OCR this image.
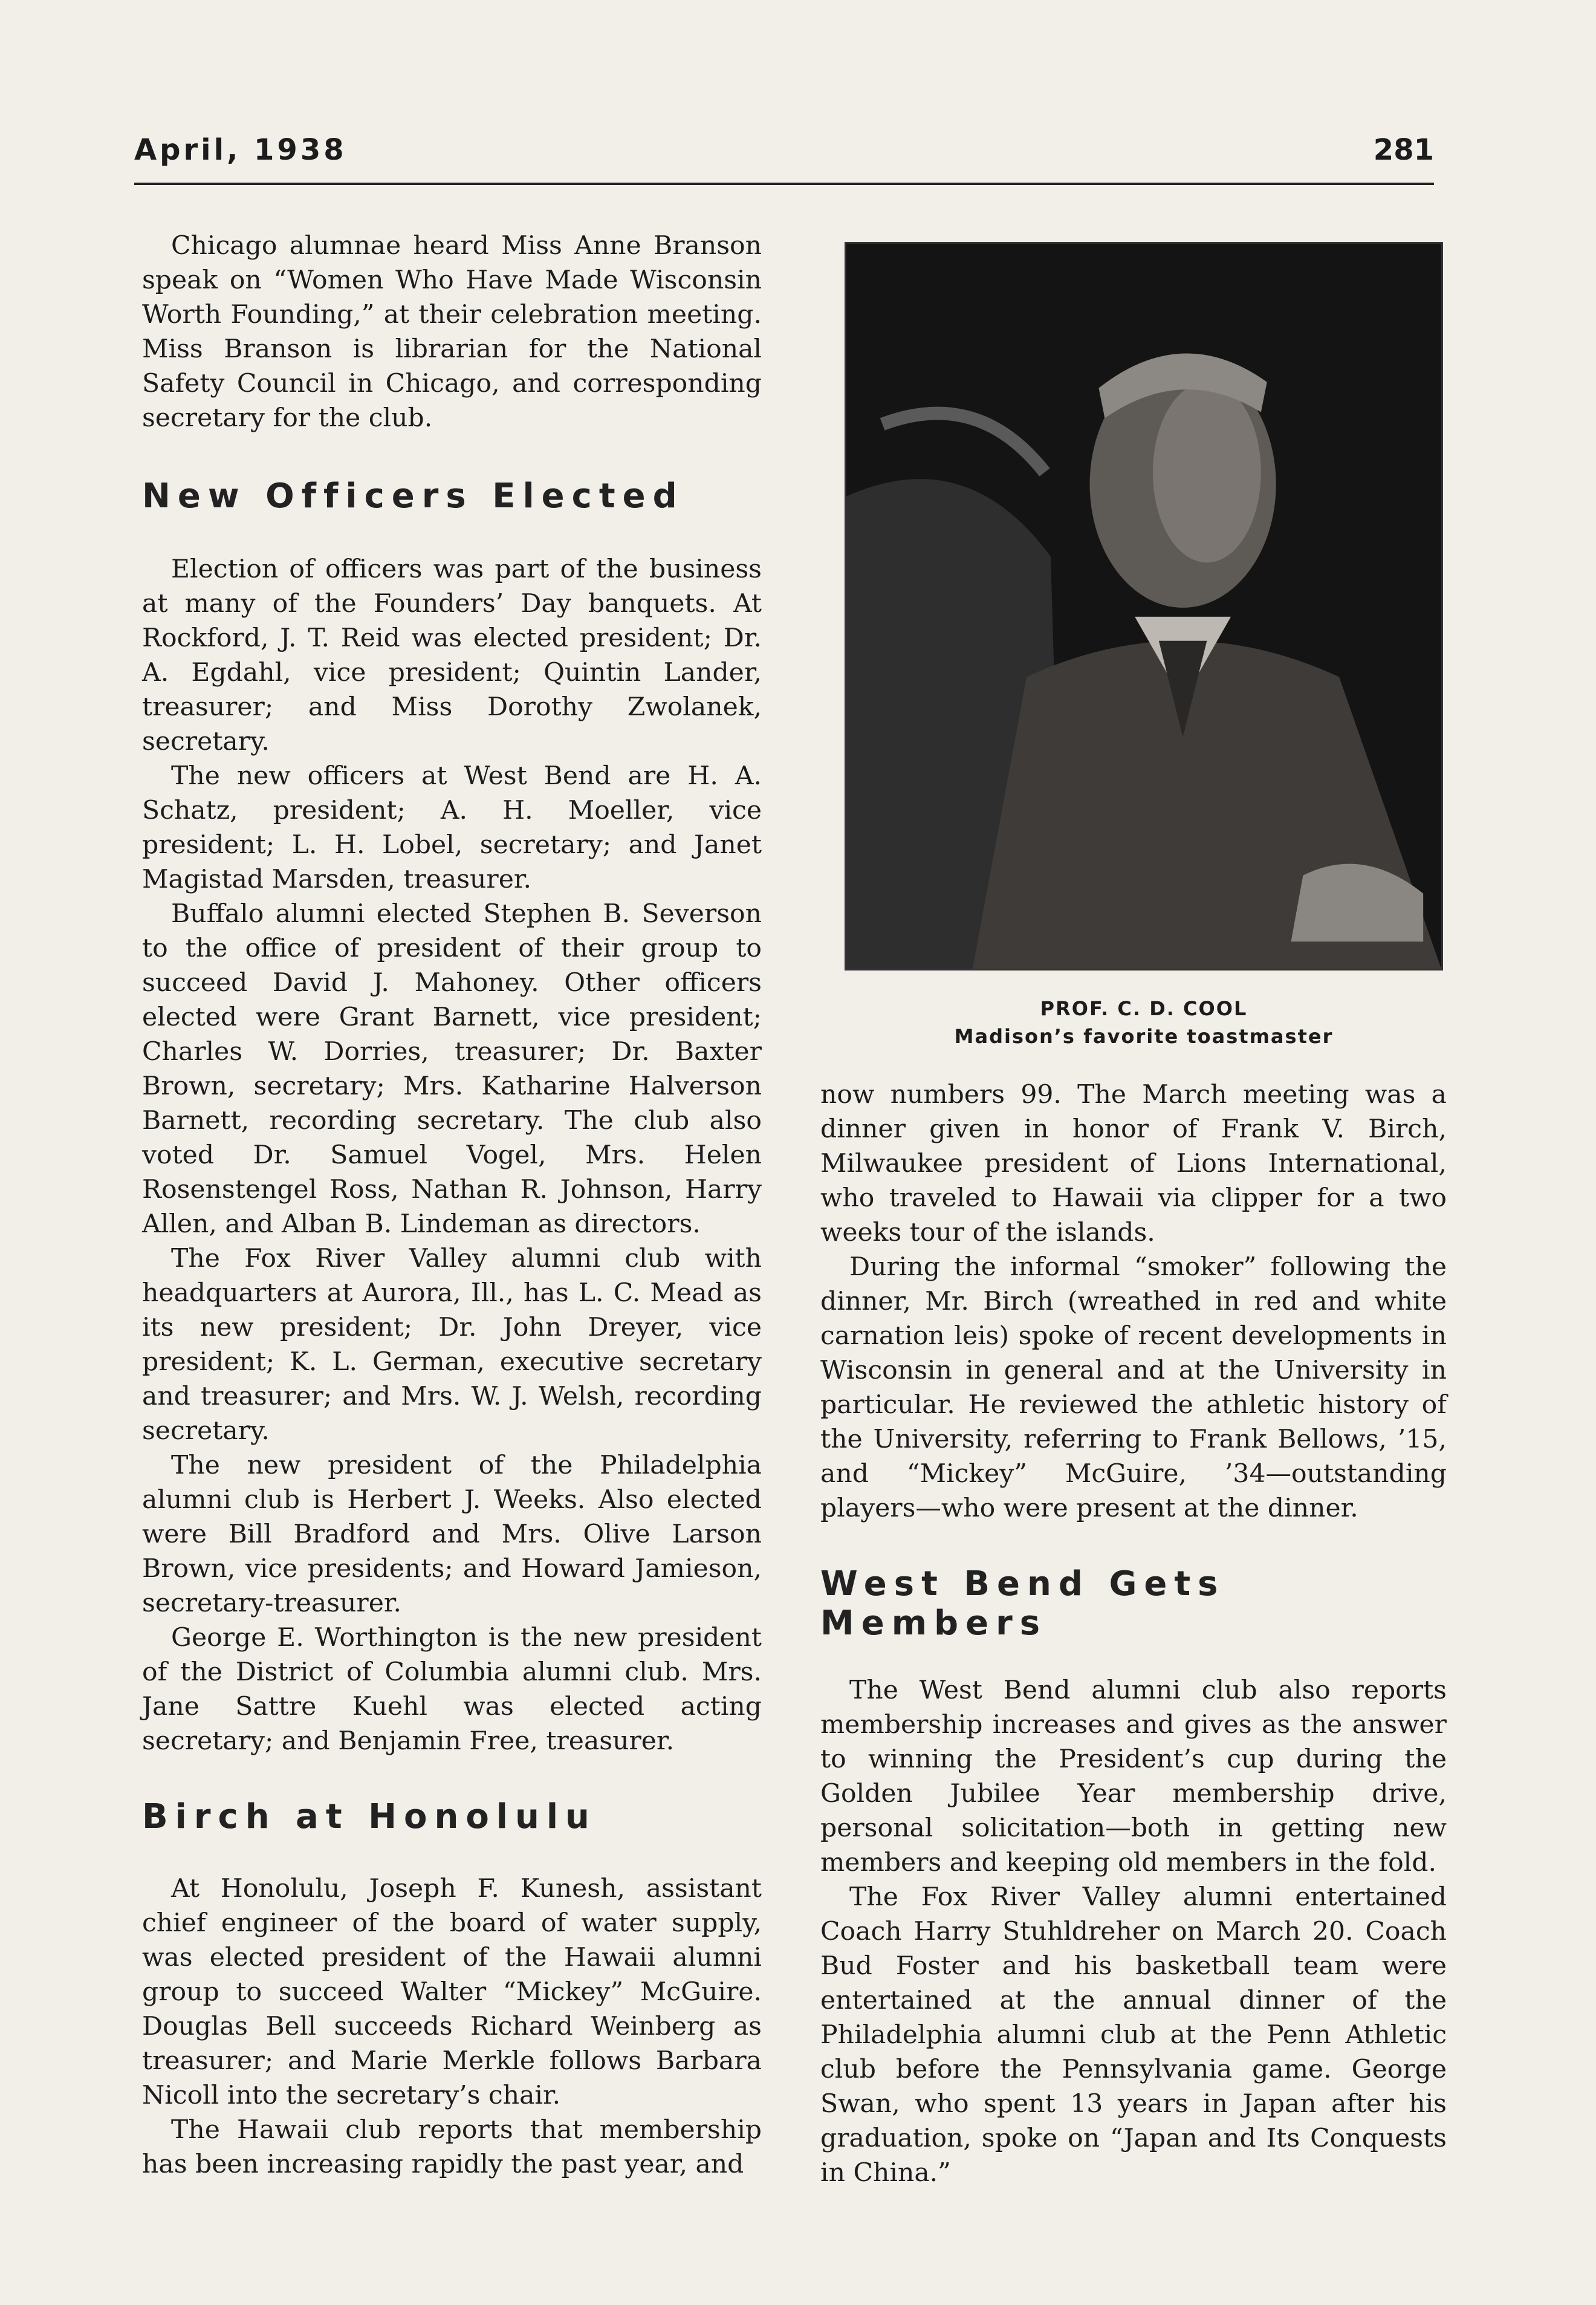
April, 1938	281

Chicago alumnae heard Miss Anne Branson speak on “Women Who Have Made Wisconsin Worth Founding,” at their celebration meeting. Miss Branson is librarian for the National Safety Council in Chicago, and corresponding secretary for the club.

New Officers Elected

Election of officers was part of the business at many of the Founders’ Day banquets. At Rockford, J. T. Reid was elected president; Dr. A. Egdahl, vice president; Quintin Lander, treasurer; and Miss Dorothy Zwolanek, secretary.

The new officers at West Bend are H. A. Schatz, president; A. H. Moeller, vice president; L. H. Lobel, secretary; and Janet Magistad Marsden, treasurer.

Buffalo alumni elected Stephen B. Severson to the office of president of their group to succeed David J. Mahoney. Other officers elected were Grant Barnett, vice president; Charles W. Dorries, treasurer; Dr. Baxter Brown, secretary; Mrs. Katharine Halverson Barnett, recording secretary. The club also voted Dr. Samuel Vogel, Mrs. Helen Rosenstengel Ross, Nathan R. Johnson, Harry Allen, and Alban B. Lindeman as directors.

The Fox River Valley alumni club with headquarters at Aurora, Ill., has L. C. Mead as its new president; Dr. John Dreyer, vice president; K. L. German, executive secretary and treasurer; and Mrs. W. J. Welsh, recording secretary.

The new president of the Philadelphia alumni club is Herbert J. Weeks. Also elected were Bill Bradford and Mrs. Olive Larson Brown, vice presidents; and Howard Jamieson, secretary-treasurer.

George E. Worthington is the new president of the District of Columbia alumni club. Mrs. Jane Sattre Kuehl was elected acting secretary; and Benjamin Free, treasurer.

Birch at Honolulu

At Honolulu, Joseph F. Kunesh, assistant chief engineer of the board of water supply, was elected president of the Hawaii alumni group to succeed Walter “Mickey” McGuire. Douglas Bell succeeds Richard Weinberg as treasurer; and Marie Merkle follows Barbara Nicoll into the secretary’s chair.

The Hawaii club reports that membership has been increasing rapidly the past year, and

PROF. C. D. COOL
Madison’s favorite toastmaster

now numbers 99. The March meeting was a dinner given in honor of Frank V. Birch, Milwaukee president of Lions International, who traveled to Hawaii via clipper for a two weeks tour of the islands.

During the informal “smoker” following the dinner, Mr. Birch (wreathed in red and white carnation leis) spoke of recent developments in Wisconsin in general and at the University in particular. He reviewed the athletic history of the University, referring to Frank Bellows, ’15, and “Mickey” McGuire, ’34—outstanding players—who were present at the dinner.

West Bend Gets Members

The West Bend alumni club also reports membership increases and gives as the answer to winning the President’s cup during the Golden Jubilee Year membership drive, personal solicitation—both in getting new members and keeping old members in the fold.

The Fox River Valley alumni entertained Coach Harry Stuhldreher on March 20. Coach Bud Foster and his basketball team were entertained at the annual dinner of the Philadelphia alumni club at the Penn Athletic club before the Pennsylvania game. George Swan, who spent 13 years in Japan after his graduation, spoke on “Japan and Its Conquests in China.”
